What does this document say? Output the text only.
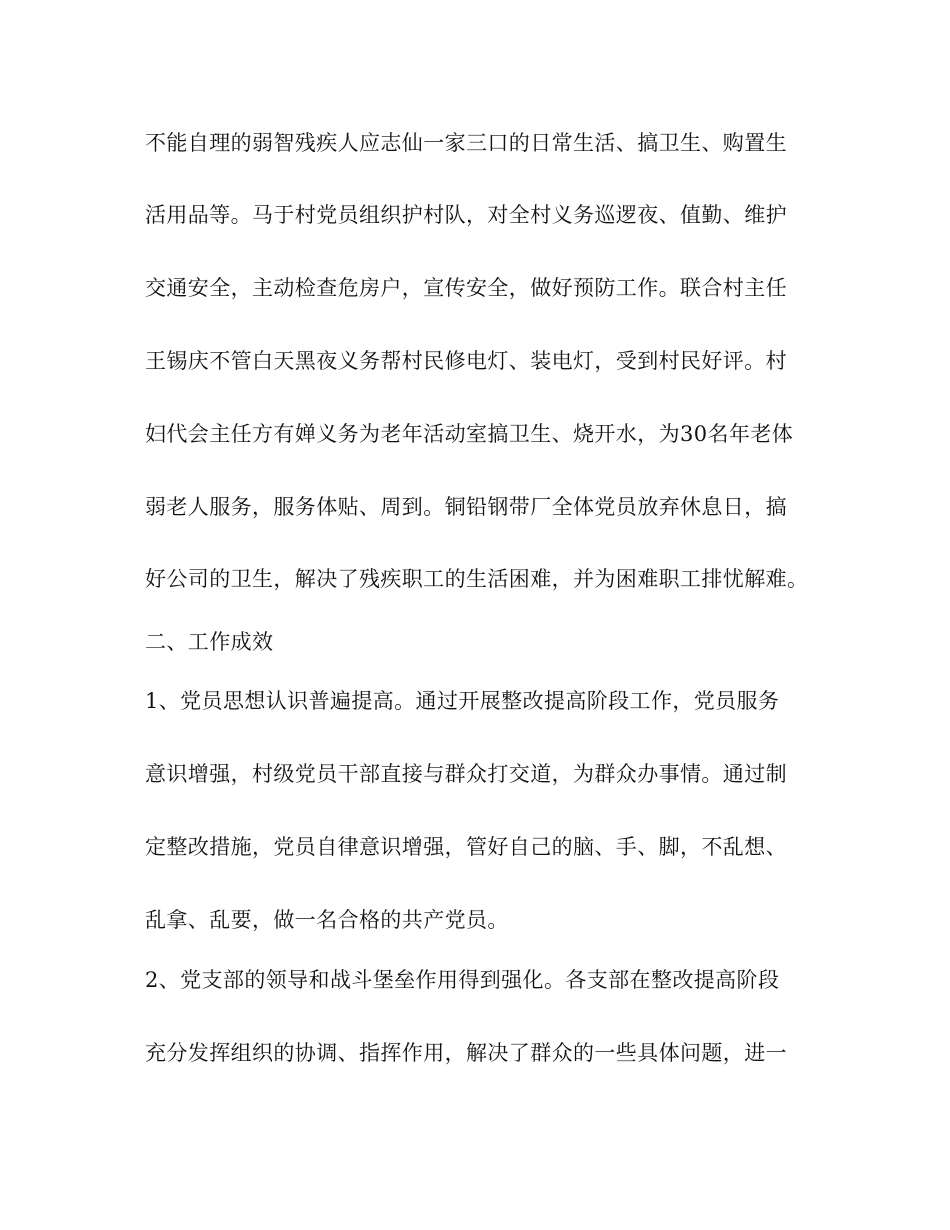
不能自理的弱智残疾人应志仙一家三口的日常生活、搞卫生、购置生
活用品等。马于村党员组织护村队，对全村义务巡逻夜、值勤、维护
交通安全，主动检查危房户，宣传安全，做好预防工作。联合村主任
王锡庆不管白天黑夜义务帮村民修电灯、装电灯，受到村民好评。村
妇代会主任方有婵义务为老年活动室搞卫生、烧开水，为30名年老体
弱老人服务，服务体贴、周到。铜铅钢带厂全体党员放弃休息日，搞
好公司的卫生，解决了残疾职工的生活困难，并为困难职工排忧解难。
二、工作成效
1、党员思想认识普遍提高。通过开展整改提高阶段工作，党员服务
意识增强，村级党员干部直接与群众打交道，为群众办事情。通过制
定整改措施，党员自律意识增强，管好自己的脑、手、脚，不乱想、
乱拿、乱要，做一名合格的共产党员。
2、党支部的领导和战斗堡垒作用得到强化。各支部在整改提高阶段
充分发挥组织的协调、指挥作用，解决了群众的一些具体问题，进一
